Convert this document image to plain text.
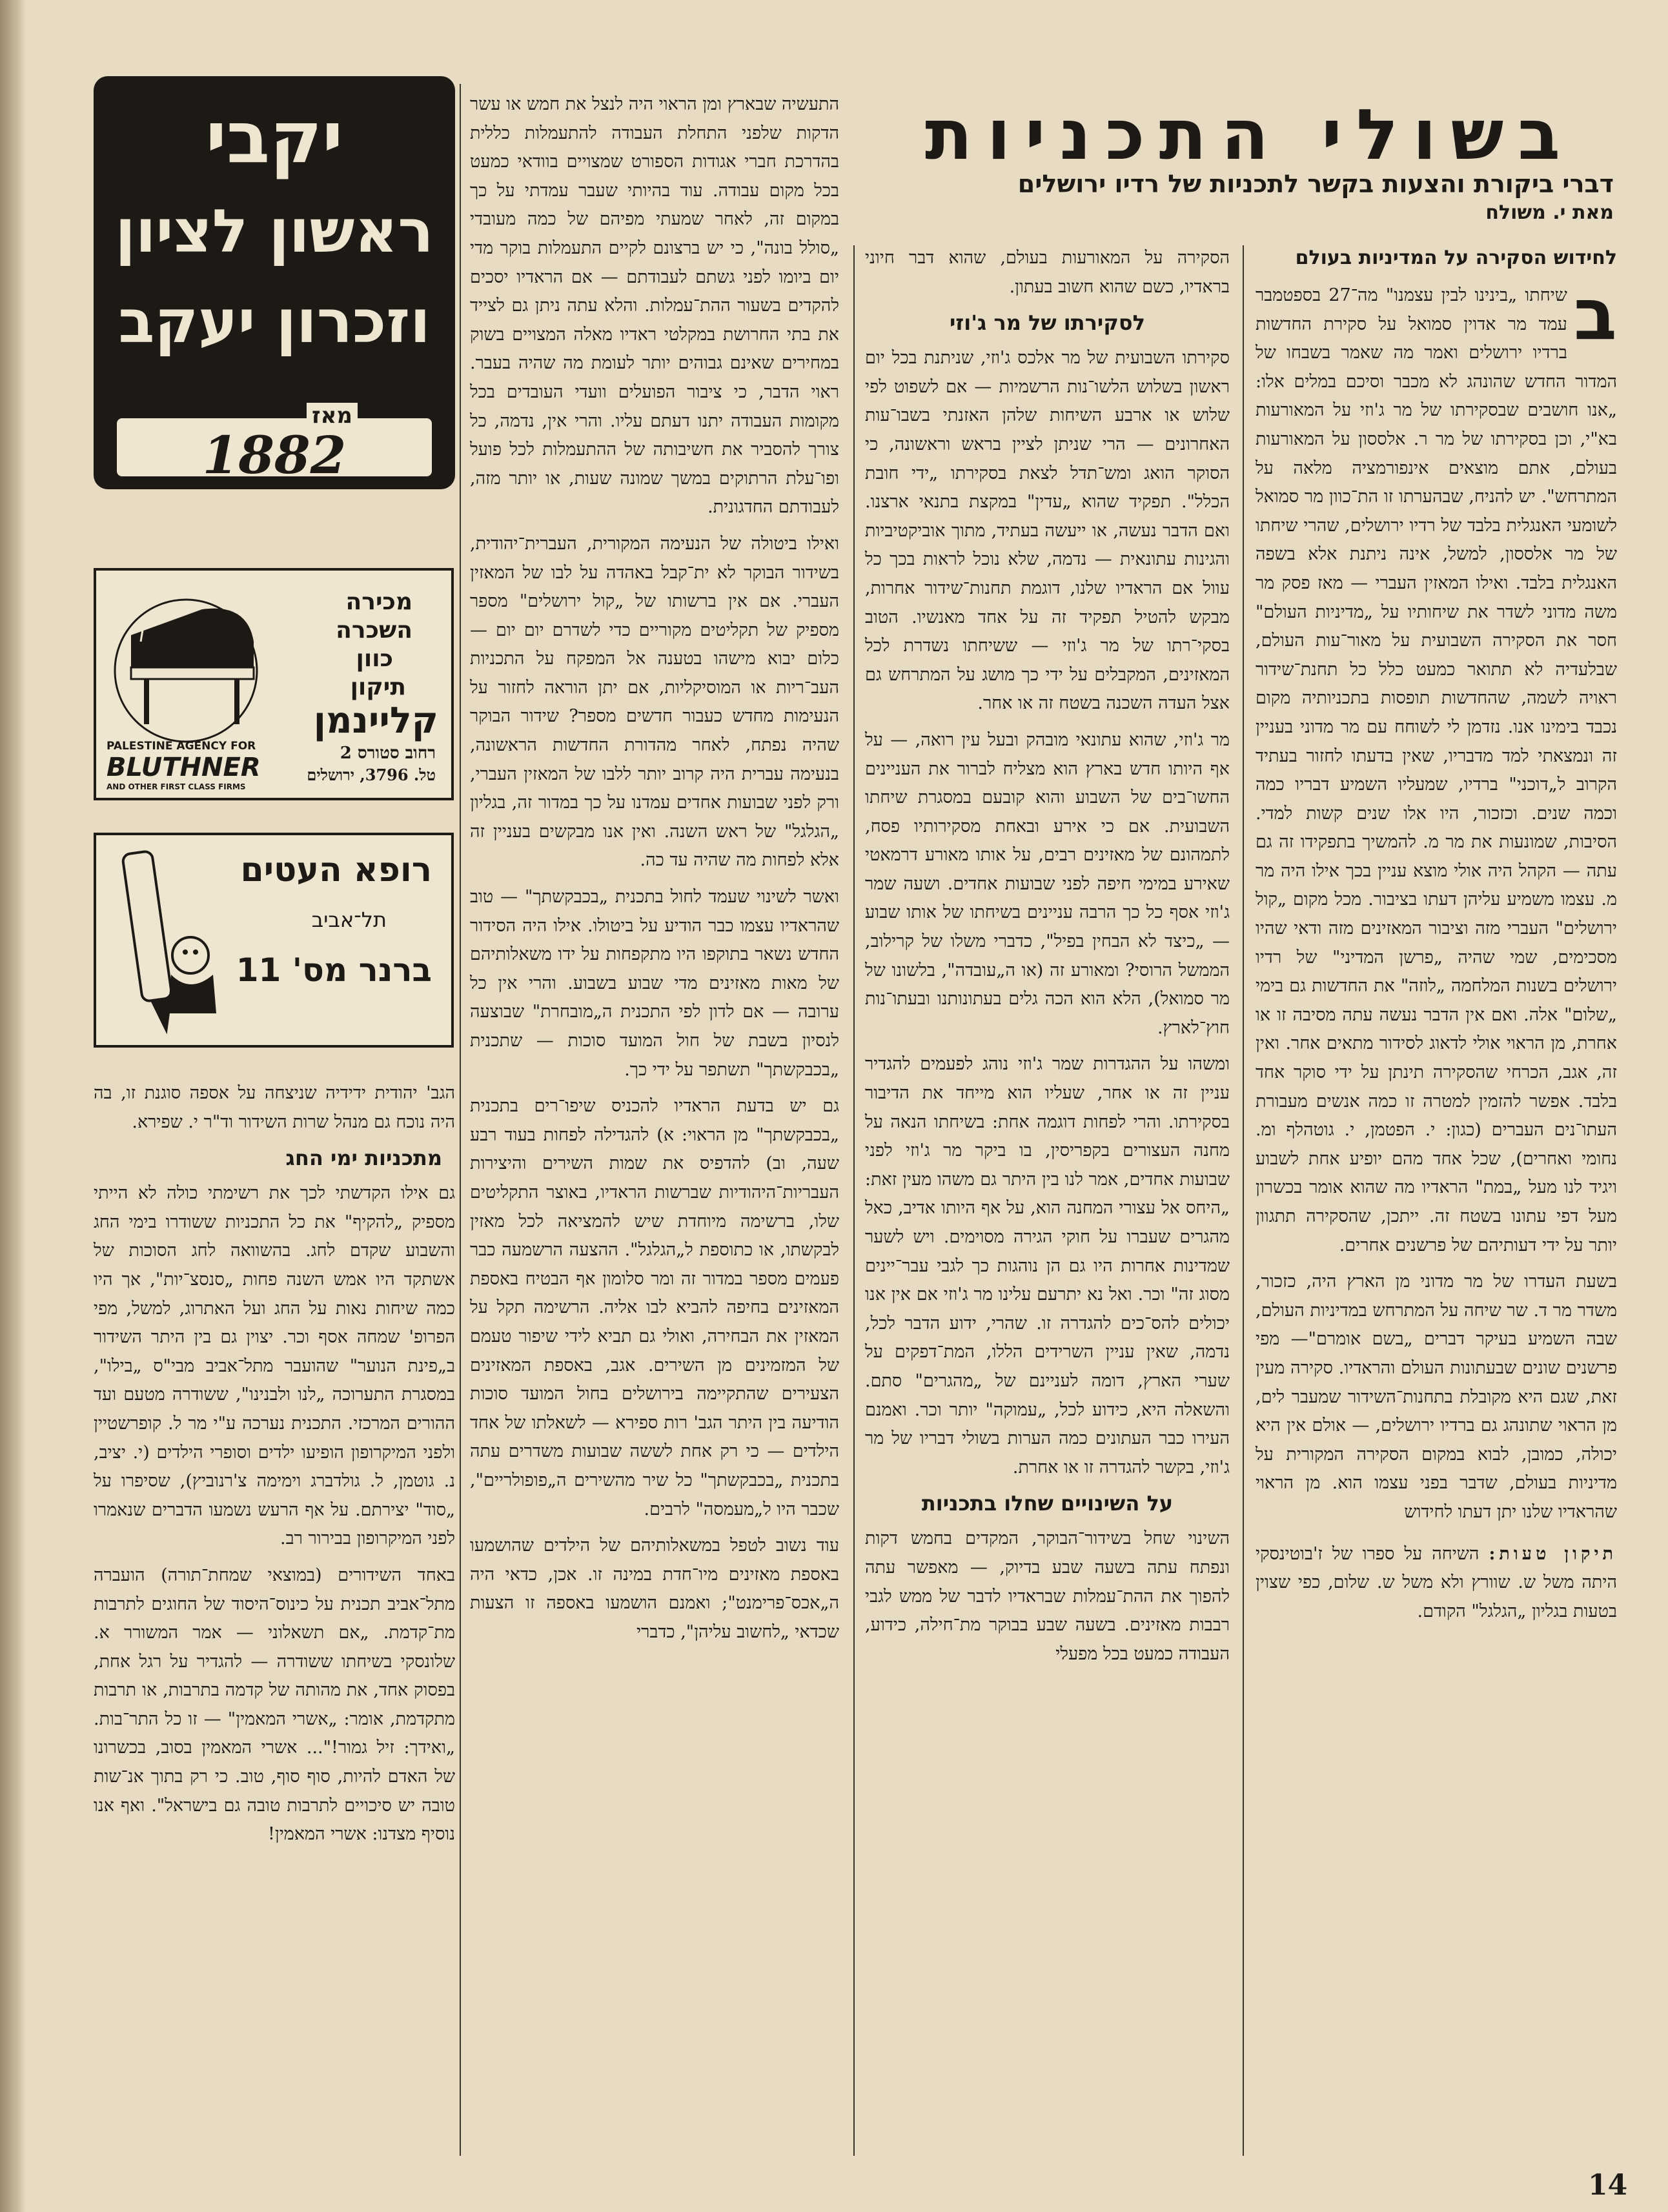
בשולי התכניות
דברי ביקורת והצעות בקשר לתכניות של רדיו ירושלים
מאת י. משולח
לחידוש הסקירה על המדיניות בעולם

ב
שיחתו „בינינו לבין עצמנו" מה־27 בספטמבר עמד מר אדוין סמואל על סקירת החדשות ברדיו ירושלים ואמר מה שאמר בשבחו של המדור החדש שהונהג לא מכבר וסיכם במלים אלו: „אנו חושבים שבסקירתו של מר ג'וזי על המאורעות בא"י, וכן בסקירתו של מר ר. אלססון על המאורעות בעולם, אתם מוצאים אינפורמציה מלאה על המתרחש". יש להניח, שבהערתו זו הת־כוון מר סמואל לשומעי האנגלית בלבד של רדיו ירושלים, שהרי שיחתו של מר אלססון, למשל, אינה ניתנת אלא בשפה האנגלית בלבד. ואילו המאזין העברי — מאז פסק מר משה מדוני לשדר את שיחותיו על „מדיניות העולם" חסר את הסקירה השבועית על מאור־עות העולם, שבלעדיה לא תתואר כמעט כלל כל תחנת־שידור ראויה לשמה, שהחדשות תופסות בתכניותיה מקום נכבד בימינו אנו. נזדמן לי לשוחח עם מר מדוני בעניין זה ונמצאתי למד מדבריו, שאין בדעתו לחזור בעתיד הקרוב ל„דוכני" ברדיו, שמעליו השמיע דבריו כמה וכמה שנים. וכזכור, היו אלו שנים קשות למדי. הסיבות, שמונעות את מר מ. להמשיך בתפקידו זה גם עתה — הקהל היה אולי מוצא עניין בכך אילו היה מר מ. עצמו משמיע עליהן דעתו בציבור. מכל מקום „קול ירושלים" העברי מזה וציבור המאזינים מזה ודאי שהיו מסכימים, שמי שהיה „פרשן המדיני" של רדיו ירושלים בשנות המלחמה „לוזה" את החדשות גם בימי „שלום" אלה. ואם אין הדבר נעשה עתה מסיבה זו או אחרת, מן הראוי אולי לדאוג לסידור מתאים אחר. ואין זה, אגב, הכרחי שהסקירה תינתן על ידי סוקר אחד בלבד. אפשר להזמין למטרה זו כמה אנשים מעבורת העתו־נים העברים (כגון: י. הפטמן, י. גוטהלף ומ. נחומי ואחרים), שכל אחד מהם יופיע אחת לשבוע ויגיד לנו מעל „במת" הראדיו מה שהוא אומר בכשרון מעל דפי עתונו בשטח זה. ייתכן, שהסקירה תתגוון יותר על ידי דעותיהם של פרשנים אחרים.

בשעת העדרו של מר מדוני מן הארץ היה, כזכור, משדר מר ד. שר שיחה על המתרחש במדיניות העולם, שבה השמיע בעיקר דברים „בשם אומרם"— מפי פרשנים שונים שבעתונות העולם והראדיו. סקירה מעין זאת, שגם היא מקובלת בתחנות־השידור שמעבר לים, מן הראוי שתונהג גם ברדיו ירושלים, — אולם אין היא יכולה, כמובן, לבוא במקום הסקירה המקורית על מדיניות בעולם, שדבר בפני עצמו הוא. מן הראוי שהראדיו שלנו יתן דעתו לחידוש

תיקון טעות: השיחה על ספרו של ז'בוטינסקי היתה משל ש. שוורץ ולא משל ש. שלום, כפי שצוין בטעות בגליון „הגלגל" הקודם.

הסקירה על המאורעות בעולם, שהוא דבר חיוני בראדיו, כשם שהוא חשוב בעתון.

לסקירתו של מר ג'וזי

סקירתו השבועית של מר אלכס ג'וזי, שניתנת בכל יום ראשון בשלוש הלשו־נות הרשמיות — אם לשפוט לפי שלוש או ארבע השיחות שלהן האזנתי בשבו־עות האחרונים — הרי שניתן לציין בראש וראשונה, כי הסוקר הואג ומש־תדל לצאת בסקירתו „ידי חובת הכלל". תפקיד שהוא „עדין" במקצת בתנאי ארצנו. ואם הדבר נעשה, או ייעשה בעתיד, מתוך אוביקטיביות והגינות עתונאית — נדמה, שלא נוכל לראות בכך כל עוול אם הראדיו שלנו, דוגמת תחנות־שידור אחרות, מבקש להטיל תפקיד זה על אחד מאנשיו. הטוב בסקי־רתו של מר ג'וזי — ששיחתו נשדרת לכל המאזינים, המקבלים על ידי כך מושג על המתרחש גם אצל העדה השכנה בשטח זה או אחר.

מר ג'וזי, שהוא עתונאי מובהק ובעל עין רואה, — על אף היותו חדש בארץ הוא מצליח לברור את העניינים החשו־בים של השבוע והוא קובעם במסגרת שיחתו השבועית. אם כי אירע ובאחת מסקירותיו פסח, לתמהונם של מאזינים רבים, על אותו מאורע דרמאטי שאירע במימי חיפה לפני שבועות אחדים. ושעה שמר ג'וזי אסף כל כך הרבה עניינים בשיחתו של אותו שבוע — „כיצד לא הבחין בפיל", כדברי משלו של קרילוב, הממשל הרוסי? ומאורע זה (או ה„עובדה", בלשונו של מר סמואל), הלא הוא הכה גלים בעתונותנו ובעתו־נות חוץ־לארץ.

ומשהו על ההגדרות שמר ג'וזי נוהג לפעמים להגדיר עניין זה או אחר, שעליו הוא מייחד את הדיבור בסקירתו. והרי לפחות דוגמה אחת: בשיחתו הנאה על מחנה העצורים בקפריסין, בו ביקר מר ג'וזי לפני שבועות אחדים, אמר לנו בין היתר גם משהו מעין זאת: „היחס אל עצורי המחנה הוא, על אף היותו אדיב, כאל מהגרים שעברו על חוקי הגירה מסוימים. ויש לשער שמדינות אחרות היו גם הן נוהגות כך לגבי עבר־יינים מסוג זה" וכר. ואל נא יתרעם עלינו מר ג'וזי אם אין אנו יכולים להס־כים להגדרה זו. שהרי, ידוע הדבר לכל, נדמה, שאין עניין השרידים הללו, המת־דפקים על שערי הארץ, דומה לעניינם של „מהגרים" סתם. והשאלה היא, כידוע לכל, „עמוקה" יותר וכר. ואמנם העירו כבר העתונים כמה הערות בשולי דבריו של מר ג'וזי, בקשר להגדרה זו או אחרת.

על השינויים שחלו בתכניות

השינוי שחל בשידור־הבוקר, המקדים בחמש דקות ונפתח עתה בשעה שבע בדיוק, — מאפשר עתה להפוך את ההת־עמלות שבראדיו לדבר של ממש לגבי רבבות מאזינים. בשעה שבע בבוקר מת־חילה, כידוע, העבודה כמעט בכל מפעלי

התעשיה שבארץ ומן הראוי היה לנצל את חמש או עשר הדקות שלפני התחלת העבודה להתעמלות כללית בהדרכת חברי אגודות הספורט שמצויים בוודאי כמעט בכל מקום עבודה. עוד בהיותי שעבר עמדתי על כך במקום זה, לאחר שמעתי מפיהם של כמה מעובדי „סולל בונה", כי יש ברצונם לקיים התעמלות בוקר מדי יום ביומו לפני גשתם לעבודתם — אם הראדיו יסכים להקדים בשעור ההת־עמלות. והלא עתה ניתן גם לצייד את בתי החרושת במקלטי ראדיו מאלה המצויים בשוק במחירים שאינם גבוהים יותר לעומת מה שהיה בעבר. ראוי הדבר, כי ציבור הפועלים וועדי העובדים בכל מקומות העבודה יתנו דעתם עליו. והרי אין, נדמה, כל צורך להסביר את חשיבותה של ההתעמלות לכל פועל ופו־עלת הרתוקים במשך שמונה שעות, או יותר מזה, לעבודתם החדגונית.

ואילו ביטולה של הנעימה המקורית, העברית־יהודית, בשידור הבוקר לא ית־קבל באהדה על לבו של המאזין העברי. אם אין ברשותו של „קול ירושלים" מספר מספיק של תקליטים מקוריים כדי לשדרם יום יום — כלום יבוא מישהו בטענה אל המפקח על התכניות העב־ריות או המוסיקליות, אם יתן הוראה לחזור על הנעימות מחדש כעבור חדשים מספר? שידור הבוקר שהיה נפתח, לאחר מהדורת החדשות הראשונה, בנעימה עברית היה קרוב יותר ללבו של המאזין העברי, ורק לפני שבועות אחדים עמדנו על כך במדור זה, בגליון „הגלגל" של ראש השנה. ואין אנו מבקשים בעניין זה אלא לפחות מה שהיה עד כה.

ואשר לשינוי שעמד לחול בתכנית „בכבקשתך" — טוב שהראדיו עצמו כבר הודיע על ביטולו. אילו היה הסידור החדש נשאר בתוקפו היו מתקפחות על ידו משאלותיהם של מאות מאזינים מדי שבוע בשבוע. והרי אין כל ערובה — אם לדון לפי התכנית ה„מובחרת" שבוצעה לנסיון בשבת של חול המועד סוכות — שתכנית „בכבקשתך" תשתפר על ידי כך.

גם יש בדעת הראדיו להכניס שיפו־רים בתכנית „בכבקשתך" מן הראוי: א) להגדילה לפחות בעוד רבע שעה, וב) להדפיס את שמות השירים והיצירות העבריות־היהודיות שברשות הראדיו, באוצר התקליטים שלו, ברשימה מיוחדת שיש להמציאה לכל מאזין לבקשתו, או כתוספת ל„הגלגל". ההצעה הרשמעה כבר פעמים מספר במדור זה ומר סלומון אף הבטיח באספת המאזינים בחיפה להביא לבו אליה. הרשימה תקל על המאזין את הבחירה, ואולי גם תביא לידי שיפור טעמם של המזמינים מן השירים. אגב, באספת המאזינים הצעירים שהתקיימה בירושלים בחול המועד סוכות הודיעה בין היתר הגב' רות ספירא — לשאלתו של אחד הילדים — כי רק אחת לששה שבועות משדרים עתה בתכנית „בכבקשתך" כל שיר מהשירים ה„פופולריים", שכבר היו ל„מעמסה" לרבים.

עוד נשוב לטפל במשאלותיהם של הילדים שהושמעו באספת מאזינים מיו־חדת במינה זו. אכן, כדאי היה ה„אכס־פרימנט"; ואמנם הושמעו באספה זו הצעות שכדאי „לחשוב עליהן", כדברי

יקבי
ראשון לציון
וזכרון יעקב
מאז
1882
מכירה
השכרה
כוון
תיקון
קליינמן
רחוב סטורס 2
טל. 3796, ירושלים
PALESTINE AGENCY FOR
BLUTHNER
AND OTHER FIRST CLASS FIRMS
רופא העטים
תל־אביב
ברנר מס' 11

הגב' יהודית ידידיה שניצחה על אספה סוגנת זו, בה היה נוכח גם מנהל שרות השידור וד"ר י. שפירא.

מתכניות ימי החג

גם אילו הקדשתי לכך את רשימתי כולה לא הייתי מספיק „להקיף" את כל התכניות ששודרו בימי החג והשבוע שקדם לחג. בהשוואה לחג הסוכות של אשתקד היו אמש השנה פחות „סנסצ־יות", אך היו כמה שיחות נאות על החג ועל האתרוג, למשל, מפי הפרופ' שמחה אסף וכר. יצוין גם בין היתר השידור ב„פינת הנוער" שהועבר מתל־אביב מבי"ס „בילו", במסגרת התערוכה „לנו ולבנינו", ששודרה מטעם ועד ההורים המרכזי. התכנית נערכה ע"י מר ל. קופרשטיין ולפני המיקרופון הופיעו ילדים וסופרי הילדים (י. יציב, נ. גוטמן, ל. גולדברג וימימה צ'רנוביץ), שסיפרו על „סוד" יצירתם. על אף הרעש נשמעו הדברים שנאמרו לפני המיקרופון בבירור רב.

באחד השידורים (במוצאי שמחת־תורה) הועברה מתל־אביב תכנית על כינוס־היסוד של החוגים לתרבות מת־קדמת. „אם תשאלוני — אמר המשורר א. שלונסקי בשיחתו ששודרה — להגדיר על רגל אחת, בפסוק אחד, את מהותה של קדמה בתרבות, או תרבות מתקדמת, אומר: „אשרי המאמין" — זו כל התר־בות. „ואידך: זיל גמור!"... אשרי המאמין בסוב, בכשרונו של האדם להיות, סוף סוף, טוב. כי רק בתוך אנ־שות טובה יש סיכויים לתרבות טובה גם בישראל". ואף אנו נוסיף מצדנו: אשרי המאמין!

14
